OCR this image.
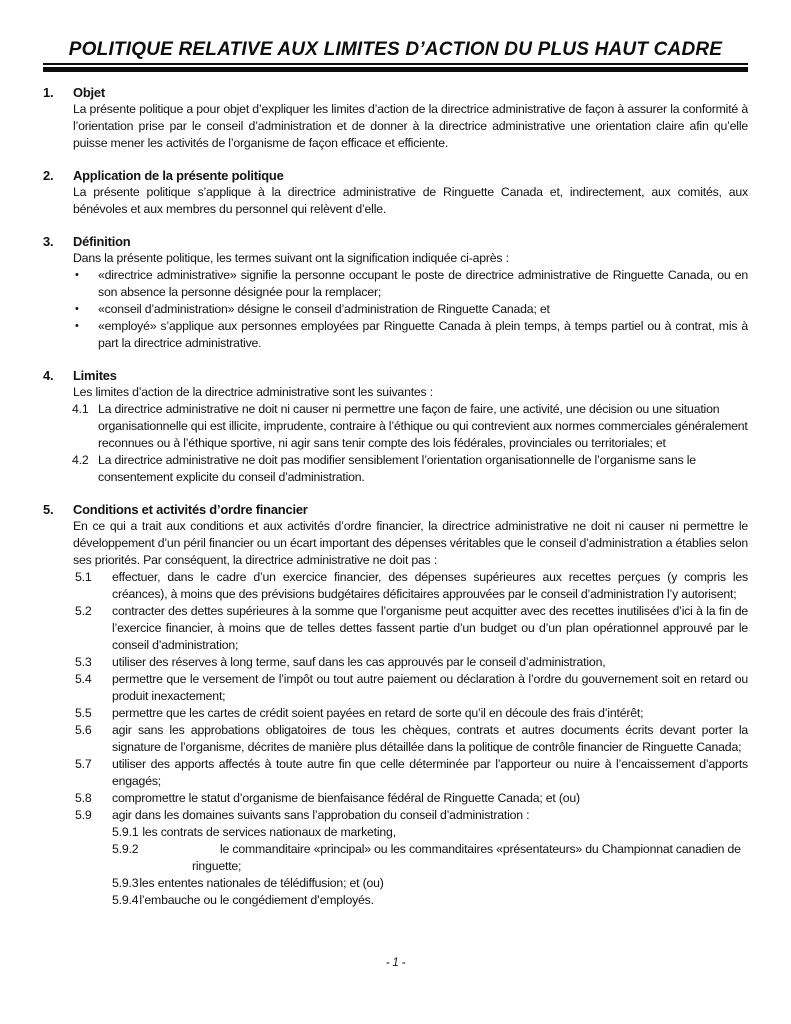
POLITIQUE RELATIVE AUX LIMITES D’ACTION DU PLUS HAUT CADRE
1.	Objet

La présente politique a pour objet d’expliquer les limites d’action de la directrice administrative de façon à assurer la conformité à l’orientation prise par le conseil d’administration et de donner à la directrice administrative une orientation claire afin qu’elle puisse mener les activités de l’organisme de façon efficace et efficiente.

2.	Application de la présente politique

La présente politique s’applique à la directrice administrative de Ringuette Canada et, indirectement, aux comités, aux bénévoles et aux membres du personnel qui relèvent d’elle.

3.	Définition

Dans la présente politique, les termes suivant ont la signification indiquée ci-après :

•	«directrice administrative» signifie la personne occupant le poste de directrice administrative de Ringuette Canada, ou en son absence la personne désignée pour la remplacer;
•	«conseil d’administration» désigne le conseil d’administration de Ringuette Canada; et
•	«employé» s’applique aux personnes employées par Ringuette Canada à plein temps, à temps partiel ou à contrat, mis à part la directrice administrative.
4.	Limites

Les limites d’action de la directrice administrative sont les suivantes :

4.1 La directrice administrative ne doit ni causer ni permettre une façon de faire, une activité, une décision ou une situation organisationnelle qui est illicite, imprudente, contraire à l’éthique ou qui contrevient aux normes commerciales généralement reconnues ou à l’éthique sportive, ni agir sans tenir compte des lois fédérales, provinciales ou territoriales; et
4.2 La directrice administrative ne doit pas modifier sensiblement l’orientation organisationnelle de l’organisme sans le consentement explicite du conseil d’administration.
5.	Conditions et activités d’ordre financier

En ce qui a trait aux conditions et aux activités d’ordre financier, la directrice administrative ne doit ni causer ni permettre le développement d’un péril financier ou un écart important des dépenses véritables que le conseil d’administration a établies selon ses priorités. Par conséquent, la directrice administrative ne doit pas :

5.1	effectuer, dans le cadre d’un exercice financier, des dépenses supérieures aux recettes perçues (y compris les créances), à moins que des prévisions budgétaires déficitaires approuvées par le conseil d’administration l’y autorisent;
5.2	contracter des dettes supérieures à la somme que l’organisme peut acquitter avec des recettes inutilisées d’ici à la fin de l’exercice financier, à moins que de telles dettes fassent partie d’un budget ou d’un plan opérationnel approuvé par le conseil d’administration;
5.3	utiliser des réserves à long terme, sauf dans les cas approuvés par le conseil d’administration,
5.4	permettre que le versement de l’impôt ou tout autre paiement ou déclaration à l’ordre du gouvernement soit en retard ou produit inexactement;
5.5	permettre que les cartes de crédit soient payées en retard de sorte qu’il en découle des frais d’intérêt;
5.6	agir sans les approbations obligatoires de tous les chèques, contrats et autres documents écrits devant porter la signature de l’organisme, décrites de manière plus détaillée dans la politique de contrôle financier de Ringuette Canada;
5.7	utiliser des apports affectés à toute autre fin que celle déterminée par l’apporteur ou nuire à l’encaissement d’apports engagés;
5.8	compromettre le statut d’organisme de bienfaisance fédéral de Ringuette Canada; et (ou)
5.9	agir dans les domaines suivants sans l’approbation du conseil d’administration :
5.9.1 les contrats de services nationaux de marketing,
5.9.2	le commanditaire «principal» ou les commanditaires «présentateurs» du Championnat canadien de ringuette;
5.9.3les ententes nationales de télédiffusion; et (ou)
5.9.4l’embauche ou le congédiement d’employés.
- 1 -
